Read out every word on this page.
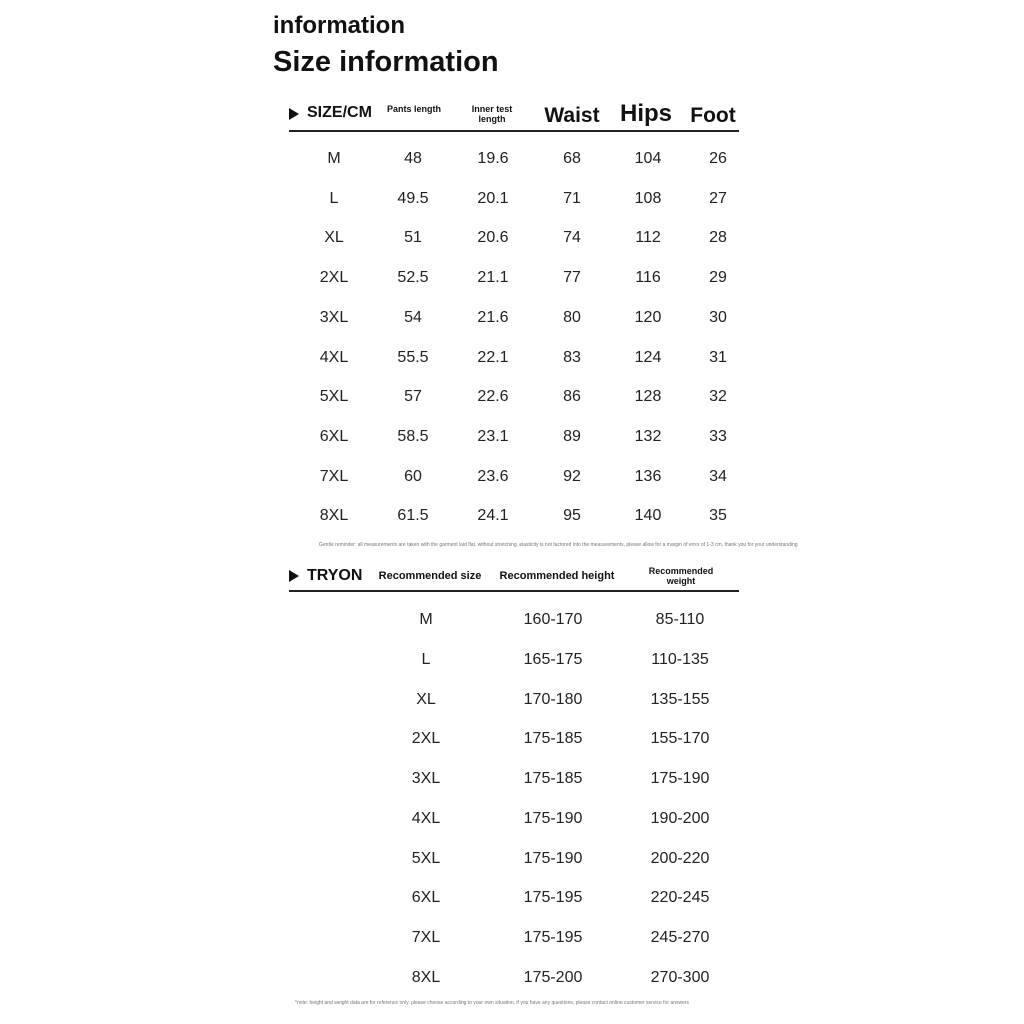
information
Size information
SIZE/CM Pants length	Inner test length	Waist Hips Foot
M	48	19.6	68	104	26
L	49.5	20.1	71	108	27
XL	51	20.6	74	112	28
2XL	52.5	21.1	77	116	29
3XL	54	21.6	80	120	30
4XL	55.5	22.1	83	124	31
5XL	57	22.6	86	128	32
6XL	58.5	23.1	89	132	33
7XL	60	23.6	92	136	34
8XL	61.5	24.1	95	140	35
Gentle reminder: all measurements are taken with the garment laid flat, without stretching, elasticity is not factored into the measurements, please allow for a margin of error of 1-3 cm, thank you for your understanding
TRYON	Recommended size	Recommended height	Recommended weight
M	160-170	85-110
L	165-175	110-135
XL	170-180	135-155
2XL	175-185	155-170
3XL	175-185	175-190
4XL	175-190	190-200
5XL	175-190	200-220
6XL	175-195	220-245
7XL	175-195	245-270
8XL	175-200	270-300
*note: height and weight data are for reference only. please choose according to your own situation. if you have any questions, please contact online customer service for answers
